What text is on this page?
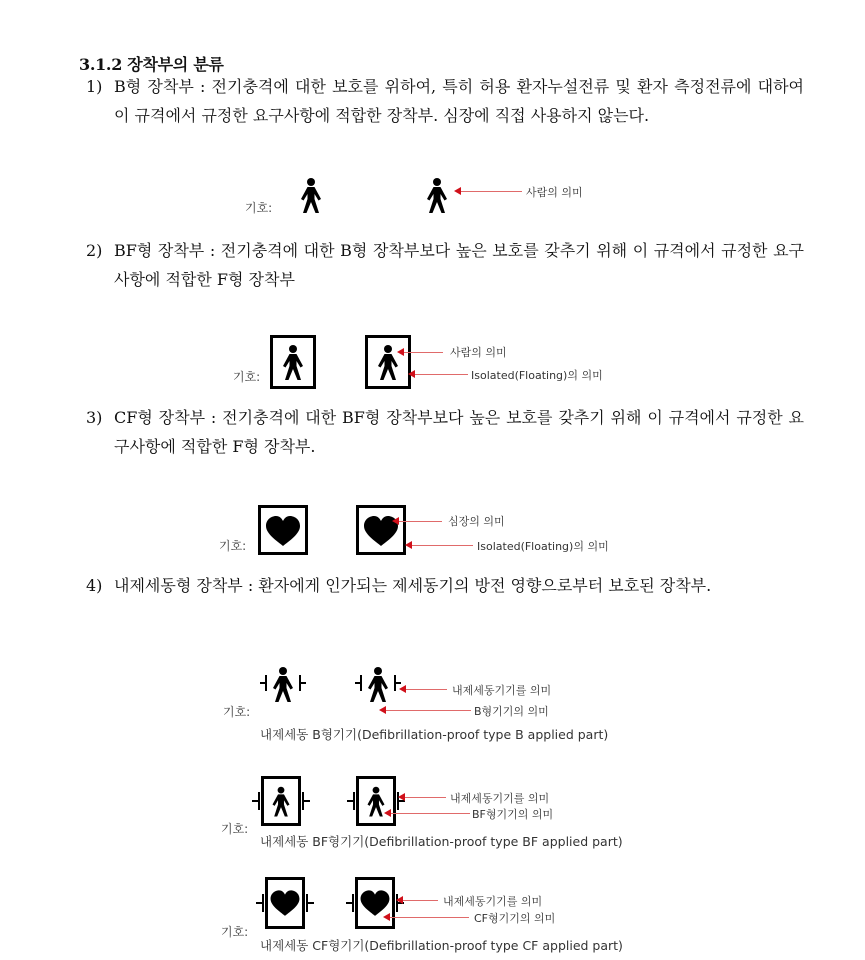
3.1.2 장착부의 분류
1) B형 장착부 : 전기충격에 대한 보호를 위하여, 특히 허용 환자누설전류 및 환자 측정전류에 대하여 이 규격에서 규정한 요구사항에 적합한 장착부. 심장에 직접 사용하지 않는다.
기호:
사람의 의미
2) BF형 장착부 : 전기충격에 대한 B형 장착부보다 높은 보호를 갖추기 위해 이 규격에서 규정한 요구사항에 적합한 F형 장착부
기호:
사람의 의미
Isolated(Floating)의 의미
3) CF형 장착부 : 전기충격에 대한 BF형 장착부보다 높은 보호를 갖추기 위해 이 규격에서 규정한 요구사항에 적합한 F형 장착부.
기호:
심장의 의미
Isolated(Floating)의 의미
4) 내제세동형 장착부 : 환자에게 인가되는 제세동기의 방전 영향으로부터 보호된 장착부.
내제세동기기를 의미
B형기기의 의미
기호:
내제세동 B형기기(Defibrillation-proof type B applied part)
내제세동기기를 의미
BF형기기의 의미
기호:
내제세동 BF형기기(Defibrillation-proof type BF applied part)
내제세동기기를 의미
CF형기기의 의미
기호:
내제세동 CF형기기(Defibrillation-proof type CF applied part)
